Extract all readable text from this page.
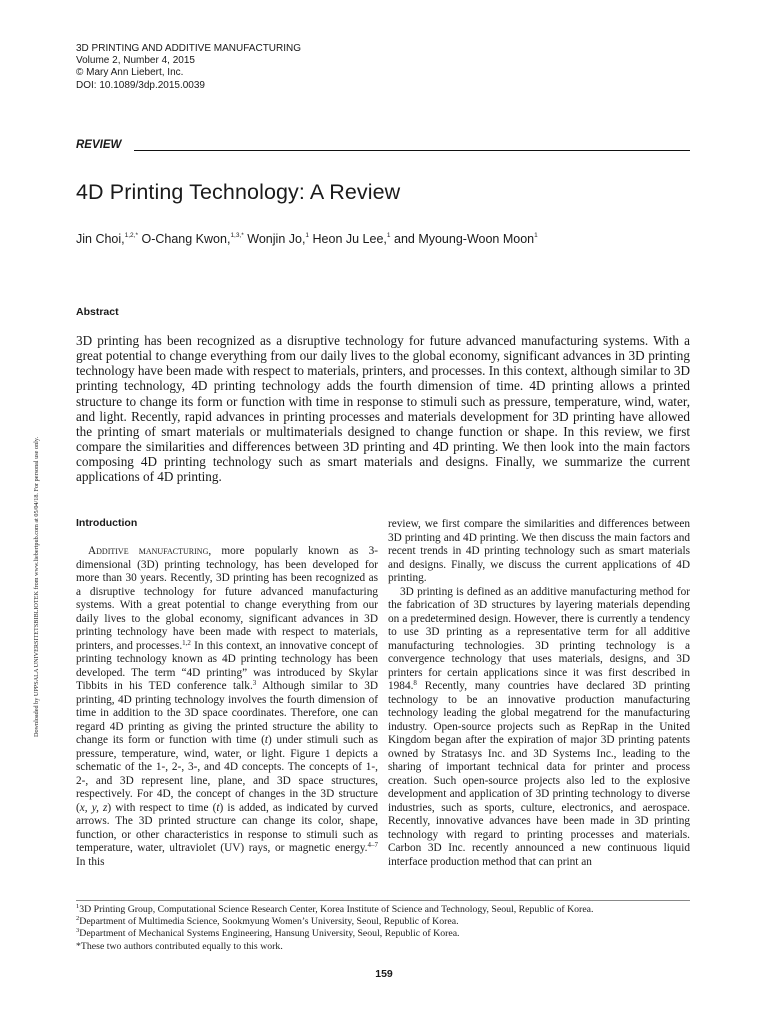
3D PRINTING AND ADDITIVE MANUFACTURING
Volume 2, Number 4, 2015
© Mary Ann Liebert, Inc.
DOI: 10.1089/3dp.2015.0039
REVIEW
4D Printing Technology: A Review
Jin Choi,$^{1,2,*}$ O-Chang Kwon,$^{1,3,*}$ Wonjin Jo,$^1$ Heon Ju Lee,$^1$ and Myoung-Woon Moon$^1$
Downloaded by UPPSALA UNIVERSITETSBIBLIOTEK from www.liebertpub.com at 05/04/18. For personal use only.
Abstract

3D printing has been recognized as a disruptive technology for future advanced manufacturing systems. With a great potential to change everything from our daily lives to the global economy, significant advances in 3D printing technology have been made with respect to materials, printers, and processes. In this context, although similar to 3D printing technology, 4D printing technology adds the fourth dimension of time. 4D printing allows a printed structure to change its form or function with time in response to stimuli such as pressure, temperature, wind, water, and light. Recently, rapid advances in printing processes and materials development for 3D printing have allowed the printing of smart materials or multimaterials designed to change function or shape. In this review, we first compare the similarities and differences between 3D printing and 4D printing. We then look into the main factors composing 4D printing technology such as smart materials and designs. Finally, we summarize the current applications of 4D printing.

Introduction

Additive manufacturing, more popularly known as 3-dimensional (3D) printing technology, has been developed for more than 30 years. Recently, 3D printing has been recognized as a disruptive technology for future advanced manufacturing systems. With a great potential to change everything from our daily lives to the global economy, significant advances in 3D printing technology have been made with respect to materials, printers, and processes.$^{1,2}$ In this context, an innovative concept of printing technology known as 4D printing technology has been developed. The term “4D printing” was introduced by Skylar Tibbits in his TED conference talk.$^3$ Although similar to 3D printing, 4D printing technology involves the fourth dimension of time in addition to the 3D space coordinates. Therefore, one can regard 4D printing as giving the printed structure the ability to change its form or function with time (t) under stimuli such as pressure, temperature, wind, water, or light. Figure 1 depicts a schematic of the 1-, 2-, 3-, and 4D concepts. The concepts of 1-, 2-, and 3D represent line, plane, and 3D space structures, respectively. For 4D, the concept of changes in the 3D structure (x, y, z) with respect to time (t) is added, as indicated by curved arrows. The 3D printed structure can change its color, shape, function, or other characteristics in response to stimuli such as temperature, water, ultraviolet (UV) rays, or magnetic energy.$^{4-7}$ In this

review, we first compare the similarities and differences between 3D printing and 4D printing. We then discuss the main factors and recent trends in 4D printing technology such as smart materials and designs. Finally, we discuss the current applications of 4D printing.

3D printing is defined as an additive manufacturing method for the fabrication of 3D structures by layering materials depending on a predetermined design. However, there is currently a tendency to use 3D printing as a representative term for all additive manufacturing technologies. 3D printing technology is a convergence technology that uses materials, designs, and 3D printers for certain applications since it was first described in 1984.$^8$ Recently, many countries have declared 3D printing technology to be an innovative production manufacturing technology leading the global megatrend for the manufacturing industry. Open-source projects such as RepRap in the United Kingdom began after the expiration of major 3D printing patents owned by Stratasys Inc. and 3D Systems Inc., leading to the sharing of important technical data for printer and process creation. Such open-source projects also led to the explosive development and application of 3D printing technology to diverse industries, such as sports, culture, electronics, and aerospace. Recently, innovative advances have been made in 3D printing technology with regard to printing processes and materials. Carbon 3D Inc. recently announced a new continuous liquid interface production method that can print an

$^1$3D Printing Group, Computational Science Research Center, Korea Institute of Science and Technology, Seoul, Republic of Korea.
$^2$Department of Multimedia Science, Sookmyung Women’s University, Seoul, Republic of Korea.
$^3$Department of Mechanical Systems Engineering, Hansung University, Seoul, Republic of Korea.
*These two authors contributed equally to this work.
159
